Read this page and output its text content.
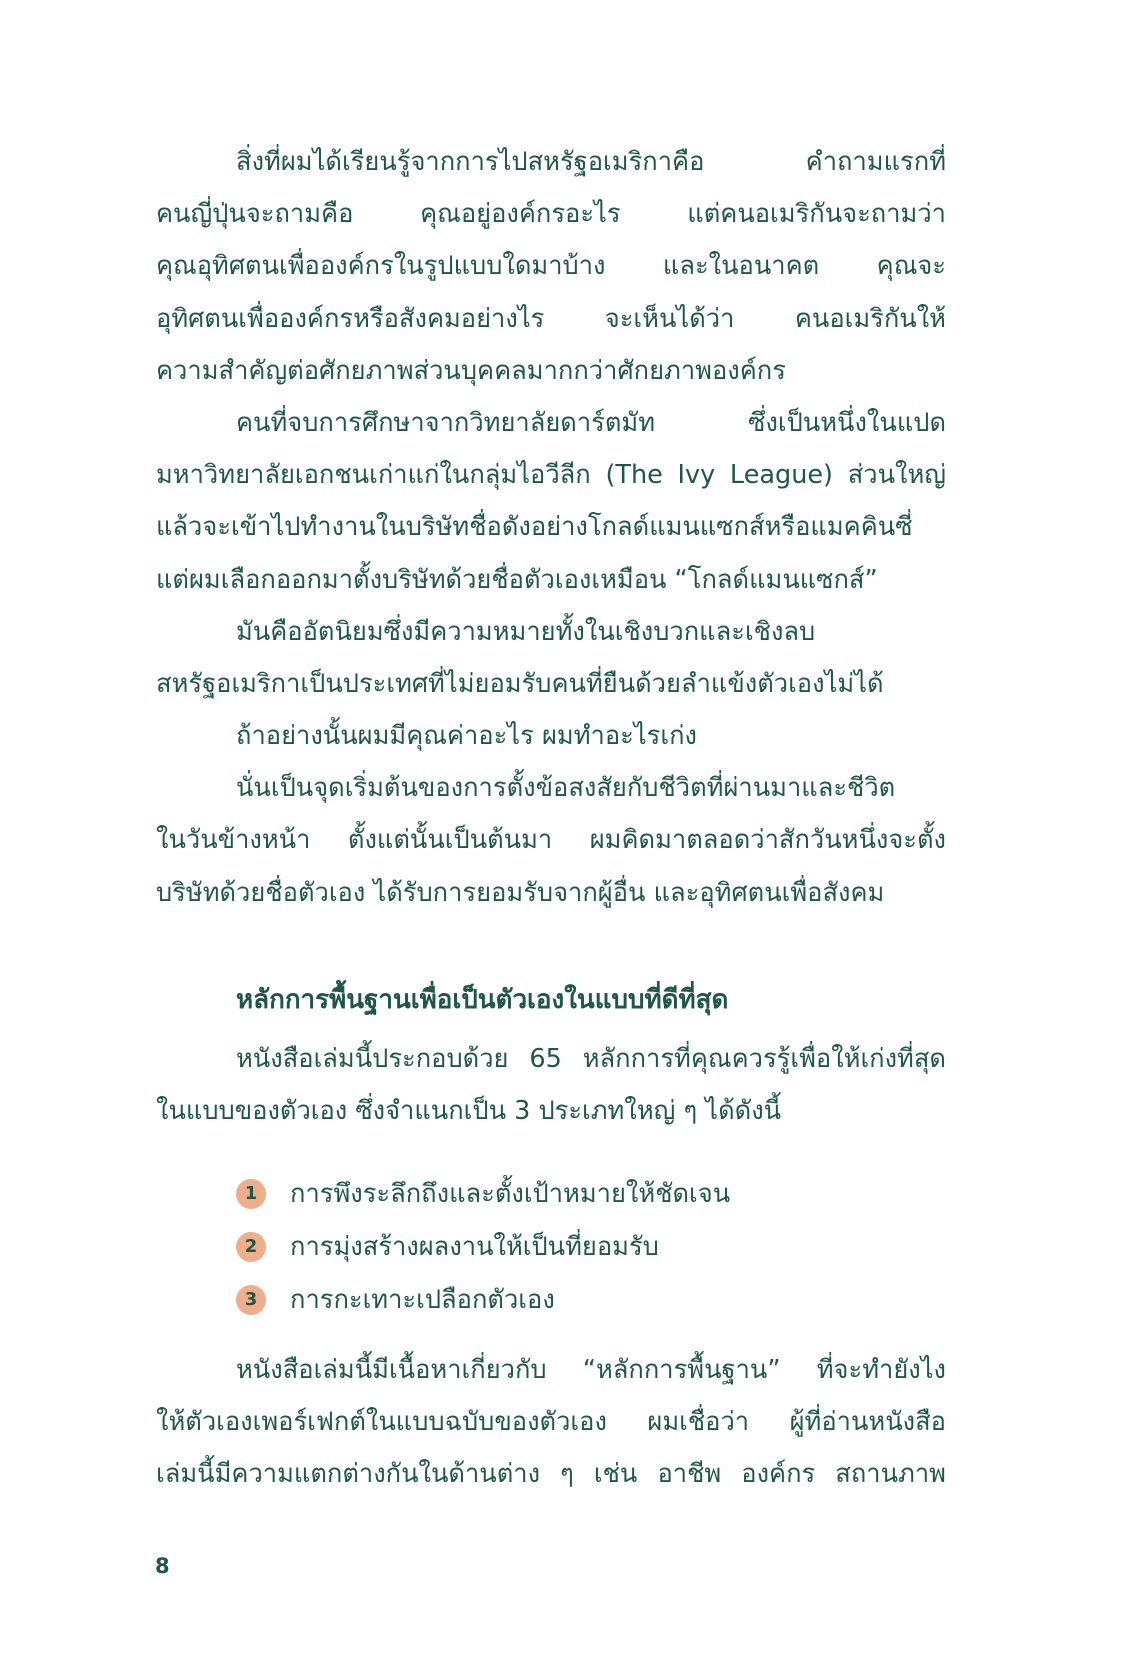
สิ่งที่ผมได้เรียนรู้จากการไปสหรัฐอเมริกาคือ คำถามแรกที่
คนญี่ปุ่นจะถามคือ คุณอยู่องค์กรอะไร แต่คนอเมริกันจะถามว่า
คุณอุทิศตนเพื่อองค์กรในรูปแบบใดมาบ้าง และในอนาคต คุณจะ
อุทิศตนเพื่อองค์กรหรือสังคมอย่างไร จะเห็นได้ว่า คนอเมริกันให้
ความสำคัญต่อศักยภาพส่วนบุคคลมากกว่าศักยภาพองค์กร
คนที่จบการศึกษาจากวิทยาลัยดาร์ตมัท ซึ่งเป็นหนึ่งในแปด
มหาวิทยาลัยเอกชนเก่าแก่ในกลุ่มไอวีลีก (The Ivy League) ส่วนใหญ่
แล้วจะเข้าไปทำงานในบริษัทชื่อดังอย่างโกลด์แมนแซกส์หรือแมคคินซี่
แต่ผมเลือกออกมาตั้งบริษัทด้วยชื่อตัวเองเหมือน “โกลด์แมนแซกส์”
มันคืออัตนิยมซึ่งมีความหมายทั้งในเชิงบวกและเชิงลบ
สหรัฐอเมริกาเป็นประเทศที่ไม่ยอมรับคนที่ยืนด้วยลำแข้งตัวเองไม่ได้
ถ้าอย่างนั้นผมมีคุณค่าอะไร ผมทำอะไรเก่ง
นั่นเป็นจุดเริ่มต้นของการตั้งข้อสงสัยกับชีวิตที่ผ่านมาและชีวิต
ในวันข้างหน้า ตั้งแต่นั้นเป็นต้นมา ผมคิดมาตลอดว่าสักวันหนึ่งจะตั้ง
บริษัทด้วยชื่อตัวเอง ได้รับการยอมรับจากผู้อื่น และอุทิศตนเพื่อสังคม
หลักการพื้นฐานเพื่อเป็นตัวเองในแบบที่ดีที่สุด
หนังสือเล่มนี้ประกอบด้วย 65 หลักการที่คุณควรรู้เพื่อให้เก่งที่สุด
ในแบบของตัวเอง ซึ่งจำแนกเป็น 3 ประเภทใหญ่ ๆ ได้ดังนี้
1	การพึงระลึกถึงและตั้งเป้าหมายให้ชัดเจน
2	การมุ่งสร้างผลงานให้เป็นที่ยอมรับ
3	การกะเทาะเปลือกตัวเอง
หนังสือเล่มนี้มีเนื้อหาเกี่ยวกับ “หลักการพื้นฐาน” ที่จะทำยังไง
ให้ตัวเองเพอร์เฟกต์ในแบบฉบับของตัวเอง ผมเชื่อว่า ผู้ที่อ่านหนังสือ
เล่มนี้มีความแตกต่างกันในด้านต่าง ๆ เช่น อาชีพ องค์กร สถานภาพ
8
